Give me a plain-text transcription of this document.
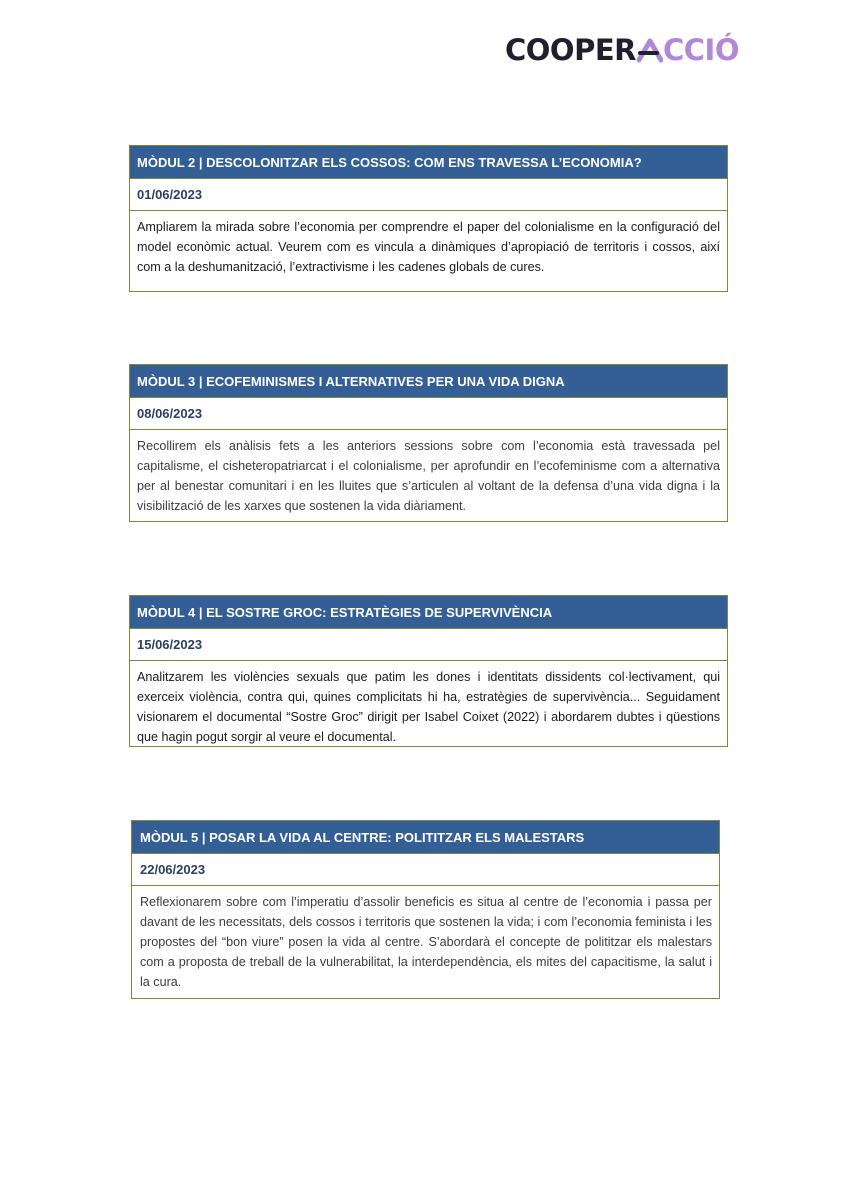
COOPER CCIÓ
MÒDUL 2 | DESCOLONITZAR ELS COSSOS: COM ENS TRAVESSA L’ECONOMIA?
01/06/2023

Ampliarem la mirada sobre l’economia per comprendre el paper del colonialisme en la configuració del model econòmic actual. Veurem com es vincula a dinàmiques d’apropiació de territoris i cossos, així com a la deshumanització, l’extractivisme i les cadenes globals de cures.

MÒDUL 3 | ECOFEMINISMES I ALTERNATIVES PER UNA VIDA DIGNA
08/06/2023

Recollirem els anàlisis fets a les anteriors sessions sobre com l’economia està travessada pel capitalisme, el cisheteropatriarcat i el colonialisme, per aprofundir en l’ecofeminisme com a alternativa per al benestar comunitari i en les lluites que s’articulen al voltant de la defensa d’una vida digna i la visibilització de les xarxes que sostenen la vida diàriament.

MÒDUL 4 | EL SOSTRE GROC: ESTRATÈGIES DE SUPERVIVÈNCIA
15/06/2023

Analitzarem les violències sexuals que patim les dones i identitats dissidents col·lectivament, qui exerceix violència, contra qui, quines complicitats hi ha, estratègies de supervivència... Seguidament visionarem el documental “Sostre Groc” dirigit per Isabel Coixet (2022) i abordarem dubtes i qüestions que hagin pogut sorgir al veure el documental.

MÒDUL 5 | POSAR LA VIDA AL CENTRE: POLITITZAR ELS MALESTARS
22/06/2023

Reflexionarem sobre com l’imperatiu d’assolir beneficis es situa al centre de l’economia i passa per davant de les necessitats, dels cossos i territoris que sostenen la vida; i com l’economia feminista i les propostes del “bon viure” posen la vida al centre. S’abordarà el concepte de polititzar els malestars com a proposta de treball de la vulnerabilitat, la interdependència, els mites del capacitisme, la salut i la cura.
